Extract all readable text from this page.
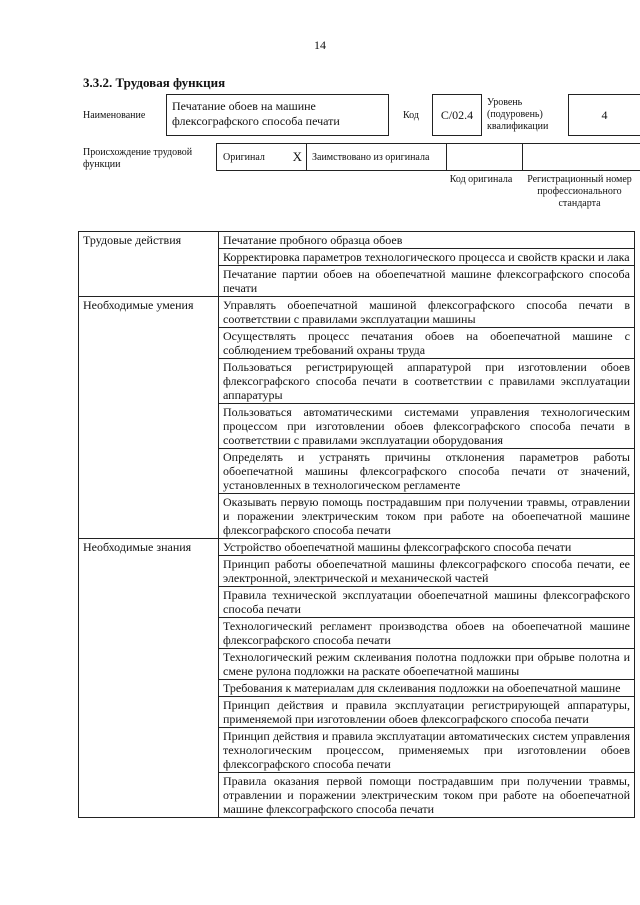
14
3.3.2. Трудовая функция
Наименование
Печатание обоев на машине флексографского способа печати	Код	C/02.4
Уровень (подуровень) квалификации
4
Происхождение трудовой функции
Оригинал X	Заимствовано из оригинала
Код оригинала	Регистрационный номер профессионального стандарта
Трудовые действия	Печатание пробного образца обоев
	Корректировка параметров технологического процесса и свойств краски и лака
	Печатание партии обоев на обоепечатной машине флексографского способа печати
Необходимые умения	Управлять обоепечатной машиной флексографского способа печати в соответствии с правилами эксплуатации машины
	Осуществлять процесс печатания обоев на обоепечатной машине с соблюдением требований охраны труда
	Пользоваться регистрирующей аппаратурой при изготовлении обоев флексографского способа печати в соответствии с правилами эксплуатации аппаратуры
	Пользоваться автоматическими системами управления технологическим процессом при изготовлении обоев флексографского способа печати в соответствии с правилами эксплуатации оборудования
	Определять и устранять причины отклонения параметров работы обоепечатной машины флексографского способа печати от значений, установленных в технологическом регламенте
	Оказывать первую помощь пострадавшим при получении травмы, отравлении и поражении электрическим током при работе на обоепечатной машине флексографского способа печати
Необходимые знания	Устройство обоепечатной машины флексографского способа печати
	Принцип работы обоепечатной машины флексографского способа печати, ее электронной, электрической и механической частей
	Правила технической эксплуатации обоепечатной машины флексографского способа печати
	Технологический регламент производства обоев на обоепечатной машине флексографского способа печати
	Технологический режим склеивания полотна подложки при обрыве полотна и смене рулона подложки на раскате обоепечатной машины
	Требования к материалам для склеивания подложки на обоепечатной машине
	Принцип действия и правила эксплуатации регистрирующей аппаратуры, применяемой при изготовлении обоев флексографского способа печати
	Принцип действия и правила эксплуатации автоматических систем управления технологическим процессом, применяемых при изготовлении обоев флексографского способа печати
	Правила оказания первой помощи пострадавшим при получении травмы, отравлении и поражении электрическим током при работе на обоепечатной машине флексографского способа печати
